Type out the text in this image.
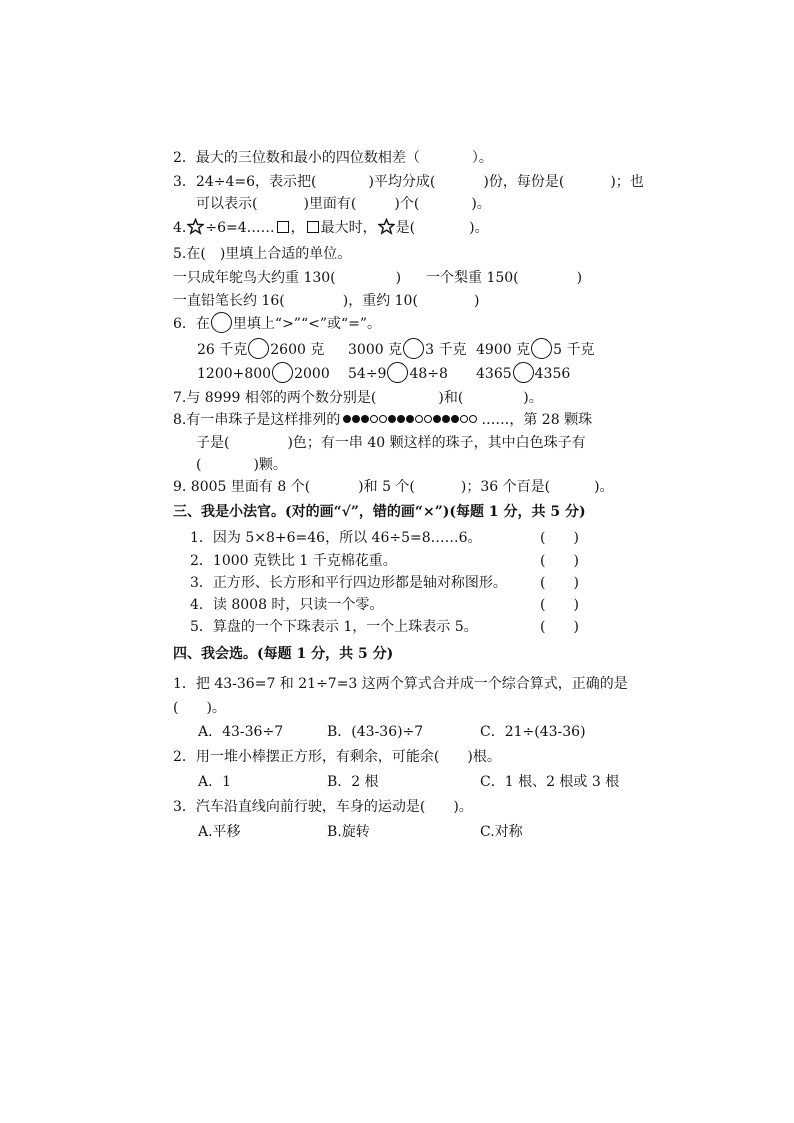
2．最大的三位数和最小的四位数相差（	）。
3．24÷4=6，表示把(	)平均分成(	)份，每份是(	)；也
可以表示(	)里面有(	)个(	)。
4. ÷6=4…… ， 最大时， 是(	)。
5.在(　)里填上合适的单位。
一只成年鸵鸟大约重 130(	) 一个梨重 150(	)
一直铅笔长约 16(	)，重约 10(	)
6．在 里填上“>”“<”或“=”。
26 千克 2600 克 3000 克 3 千克 4900 克 5 千克
1200+800 2000 54÷9 48÷8 4365 4356
7.与 8999 相邻的两个数分别是(	)和(	)。
8.有一串珠子是这样排列的	……，第 28 颗珠
子是(	)色；有一串 40 颗这样的珠子，其中白色珠子有
(	)颗。
9. 8005 里面有 8 个(	)和 5 个(	)；36 个百是(	)。
三、我是小法官。(对的画“√”，错的画“×”)(每题 1 分，共 5 分)
1．因为 5×8+6=46，所以 46÷5=8……6。	(　　)
2．1000 克铁比 1 千克棉花重。	(　　)
3．正方形、长方形和平行四边形都是轴对称图形。 (　　)
4．读 8008 时，只读一个零。	(　　)
5．算盘的一个下珠表示 1，一个上珠表示 5。	(　　)
四、我会选。(每题 1 分，共 5 分)
1．把 43-36=7 和 21÷7=3 这两个算式合并成一个综合算式，正确的是
(　　)。
A．43-36÷7	B．(43-36)÷7	C．21÷(43-36)
2．用一堆小棒摆正方形，有剩余，可能余(　　)根。
A．1	B．2 根	C．1 根、2 根或 3 根
3．汽车沿直线向前行驶，车身的运动是(　　)。
A.平移	B.旋转	C.对称
